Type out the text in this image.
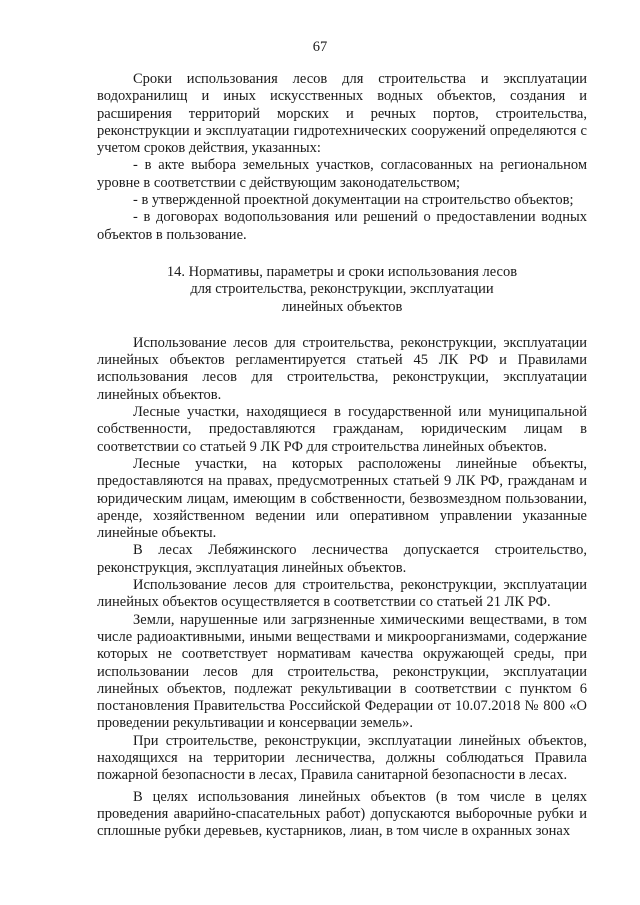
67

Сроки использования лесов для строительства и эксплуатации водохранилищ и иных искусственных водных объектов, создания и расширения территорий морских и речных портов, строительства, реконструкции и эксплуатации гидротехнических сооружений определяются с учетом сроков действия, указанных:

- в акте выбора земельных участков, согласованных на региональном уровне в соответствии с действующим законодательством;

- в утвержденной проектной документации на строительство объектов;

- в договорах водопользования или решений о предоставлении водных объектов в пользование.

14. Нормативы, параметры и сроки использования лесов
для строительства, реконструкции, эксплуатации
линейных объектов

Использование лесов для строительства, реконструкции, эксплуатации линейных объектов регламентируется статьей 45 ЛК РФ и Правилами использования лесов для строительства, реконструкции, эксплуатации линейных объектов.

Лесные участки, находящиеся в государственной или муниципальной собственности, предоставляются гражданам, юридическим лицам в соответствии со статьей 9 ЛК РФ для строительства линейных объектов.

Лесные участки, на которых расположены линейные объекты, предоставляются на правах, предусмотренных статьей 9 ЛК РФ, гражданам и юридическим лицам, имеющим в собственности, безвозмездном пользовании, аренде, хозяйственном ведении или оперативном управлении указанные линейные объекты.

В лесах Лебяжинского лесничества допускается строительство, реконструкция, эксплуатация линейных объектов.

Использование лесов для строительства, реконструкции, эксплуатации линейных объектов осуществляется в соответствии со статьей 21 ЛК РФ.

Земли, нарушенные или загрязненные химическими веществами, в том числе радиоактивными, иными веществами и микроорганизмами, содержание которых не соответствует нормативам качества окружающей среды, при использовании лесов для строительства, реконструкции, эксплуатации линейных объектов, подлежат рекультивации в соответствии с пунктом 6 постановления Правительства Российской Федерации от 10.07.2018 № 800 «О проведении рекультивации и консервации земель».

При строительстве, реконструкции, эксплуатации линейных объектов, находящихся на территории лесничества, должны соблюдаться Правила пожарной безопасности в лесах, Правила санитарной безопасности в лесах.

В целях использования линейных объектов (в том числе в целях проведения аварийно-спасательных работ) допускаются выборочные рубки и сплошные рубки деревьев, кустарников, лиан, в том числе в охранных зонах
